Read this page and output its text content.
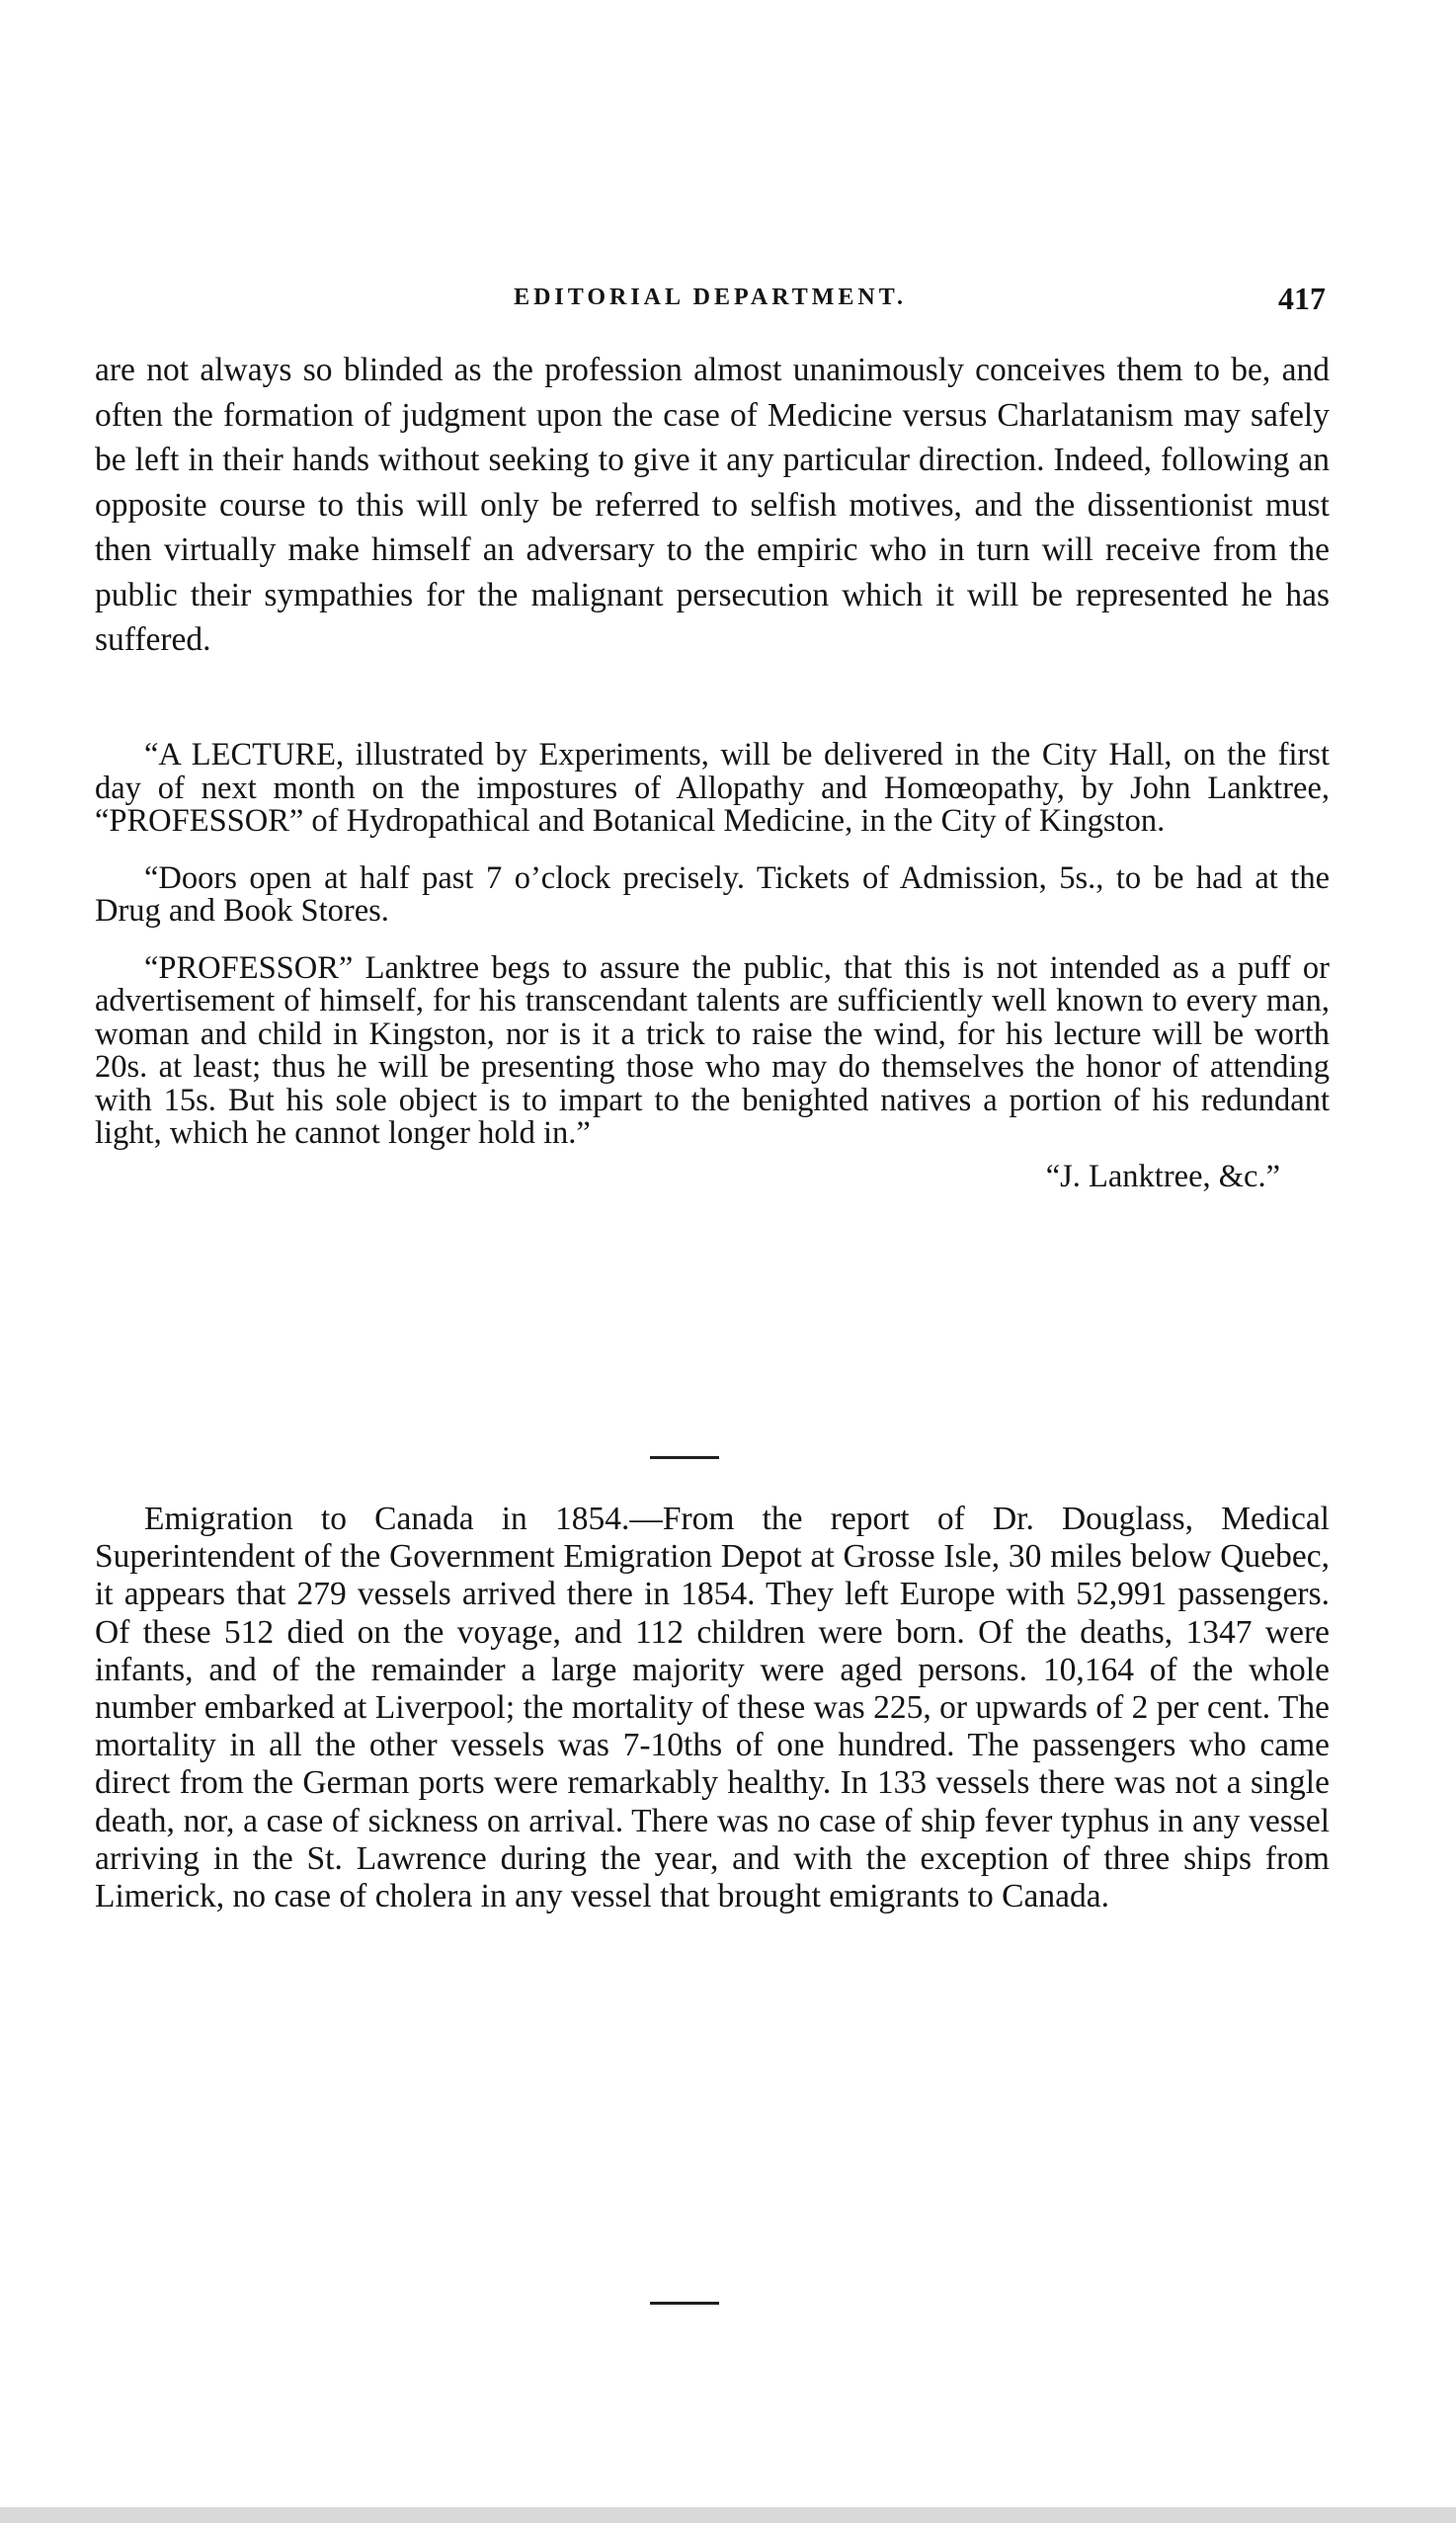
EDITORIAL DEPARTMENT.	417

are not always so blinded as the profession almost unanimously conceives them to be, and often the formation of judgment upon the case of Medicine versus Charlatanism may safely be left in their hands without seeking to give it any particular direction. Indeed, following an opposite course to this will only be referred to selfish motives, and the dissentionist must then virtually make himself an adversary to the empiric who in turn will receive from the public their sympathies for the malignant persecution which it will be represented he has suffered.

“A LECTURE, illustrated by Experiments, will be delivered in the City Hall, on the first day of next month on the impostures of Allopathy and Homœopathy, by John Lanktree, “PROFESSOR” of Hydropathical and Botanical Medicine, in the City of Kingston.

“Doors open at half past 7 o’clock precisely. Tickets of Admission, 5s., to be had at the Drug and Book Stores.

“PROFESSOR” Lanktree begs to assure the public, that this is not intended as a puff or advertisement of himself, for his transcendant talents are sufficiently well known to every man, woman and child in Kingston, nor is it a trick to raise the wind, for his lecture will be worth 20s. at least; thus he will be presenting those who may do themselves the honor of attending with 15s. But his sole object is to impart to the benighted natives a portion of his redundant light, which he cannot longer hold in.”

“J. Lanktree, &c.”

Emigration to Canada in 1854.—From the report of Dr. Douglass, Medical Superintendent of the Government Emigration Depot at Grosse Isle, 30 miles below Quebec, it appears that 279 vessels arrived there in 1854. They left Europe with 52,991 passengers. Of these 512 died on the voyage, and 112 children were born. Of the deaths, 1347 were infants, and of the remainder a large majority were aged persons. 10,164 of the whole number embarked at Liverpool; the mortality of these was 225, or upwards of 2 per cent. The mortality in all the other vessels was 7-10ths of one hundred. The passengers who came direct from the German ports were remarkably healthy. In 133 vessels there was not a single death, nor, a case of sickness on arrival. There was no case of ship fever typhus in any vessel arriving in the St. Lawrence during the year, and with the exception of three ships from Limerick, no case of cholera in any vessel that brought emigrants to Canada.
